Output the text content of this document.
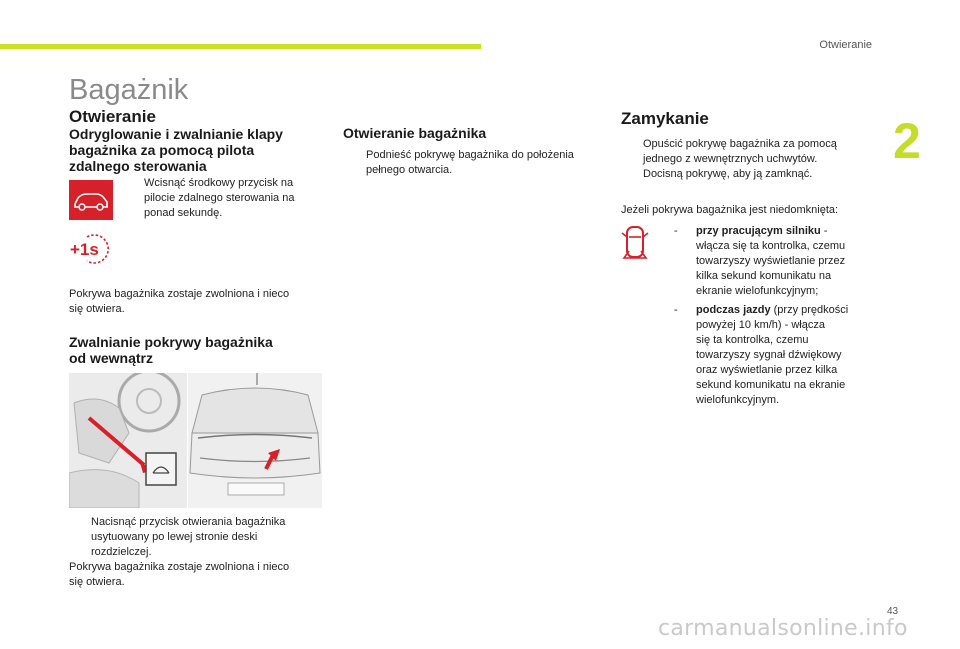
Otwieranie
2
Bagażnik
Otwieranie
Odryglowanie i zwalnianie klapy
bagażnika za pomocą pilota
zdalnego sterowania
Wcisnąć środkowy przycisk na
pilocie zdalnego sterowania na
ponad sekundę.
+1s
Pokrywa bagażnika zostaje zwolniona i nieco
się otwiera.
Zwalnianie pokrywy bagażnika
od wewnątrz
Nacisnąć przycisk otwierania bagażnika
usytuowany po lewej stronie deski
rozdzielczej.
Pokrywa bagażnika zostaje zwolniona i nieco
się otwiera.
Otwieranie bagażnika
Podnieść pokrywę bagażnika do położenia
pełnego otwarcia.
Zamykanie
Opuścić pokrywę bagażnika za pomocą
jednego z wewnętrznych uchwytów.
Docisną pokrywę, aby ją zamknąć.
Jeżeli pokrywa bagażnika jest niedomknięta:
-	przy pracującym silniku -
włącza się ta kontrolka, czemu
towarzyszy wyświetlanie przez
kilka sekund komunikatu na
ekranie wielofunkcyjnym;
-	podczas jazdy (przy prędkości
powyżej 10 km/h) - włącza
się ta kontrolka, czemu
towarzyszy sygnał dźwiękowy
oraz wyświetlanie przez kilka
sekund komunikatu na ekranie
wielofunkcyjnym.
43
carmanualsonline.info
